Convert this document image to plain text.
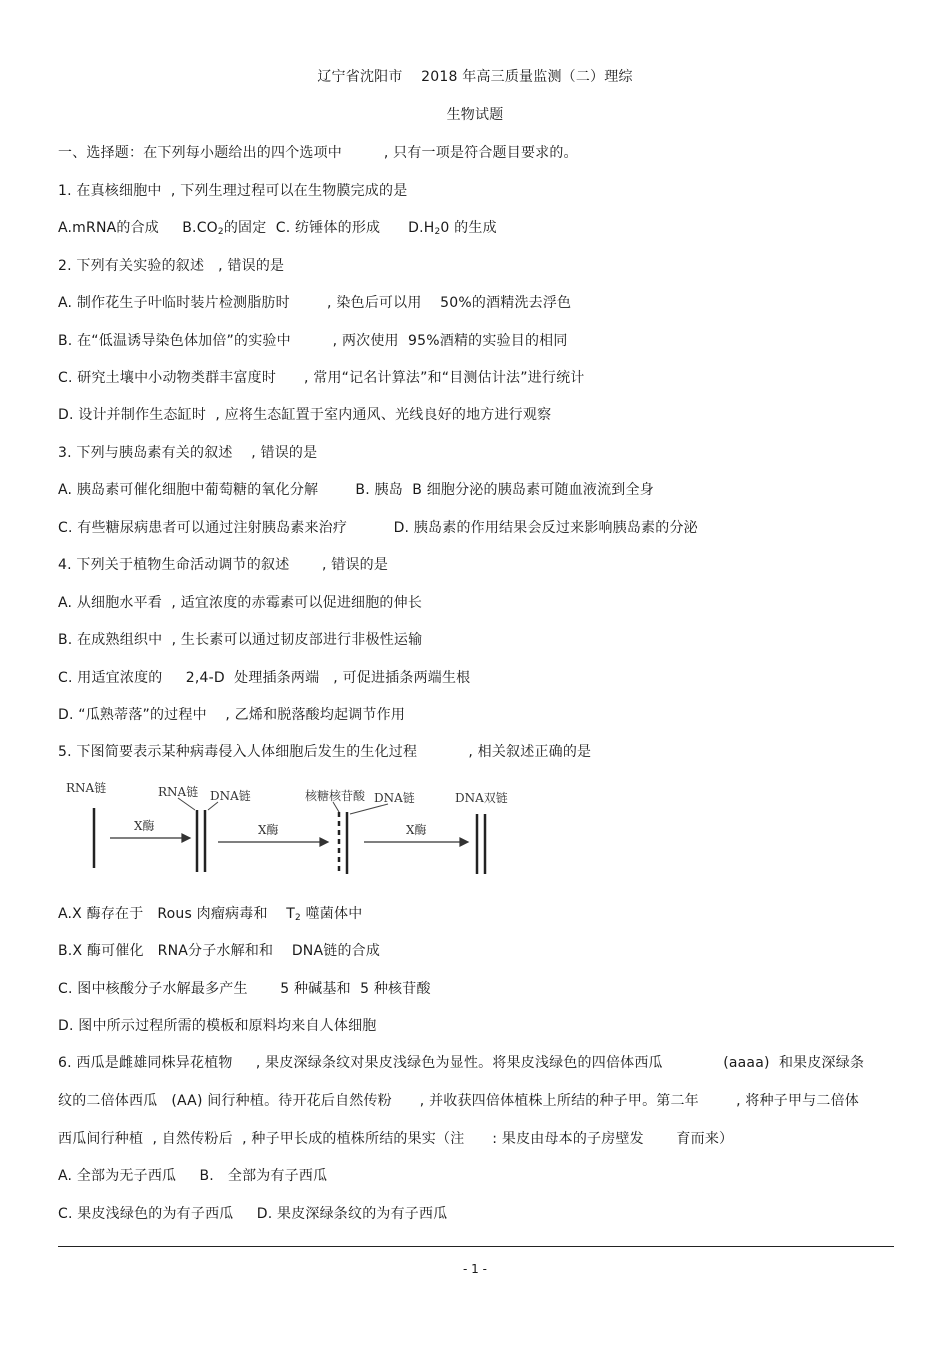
辽宁省沈阳市    2018 年高三质量监测（二）理综
生物试题
一、选择题：在下列每小题给出的四个选项中         , 只有一项是符合题目要求的。
1. 在真核细胞中  , 下列生理过程可以在生物膜完成的是
A.mRNA的合成     $B.CO_2$的固定  C. 纺锤体的形成      $D.H_20$ 的生成
2. 下列有关实验的叙述   , 错误的是
A. 制作花生子叶临时装片检测脂肪时        , 染色后可以用    50%的酒精洗去浮色
B. 在“低温诱导染色体加倍”的实验中         , 两次使用  95%酒精的实验目的相同
C. 研究土壤中小动物类群丰富度时      , 常用“记名计算法”和“目测估计法”进行统计
D. 设计并制作生态缸时  , 应将生态缸置于室内通风、光线良好的地方进行观察
3. 下列与胰岛素有关的叙述    , 错误的是
A. 胰岛素可催化细胞中葡萄糖的氧化分解        B. 胰岛  B 细胞分泌的胰岛素可随血液流到全身
C. 有些糖尿病患者可以通过注射胰岛素来治疗          D. 胰岛素的作用结果会反过来影响胰岛素的分泌
4. 下列关于植物生命活动调节的叙述       , 错误的是
A. 从细胞水平看  , 适宜浓度的赤霉素可以促进细胞的伸长
B. 在成熟组织中  , 生长素可以通过韧皮部进行非极性运输
C. 用适宜浓度的     2,4-D  处理插条两端   , 可促进插条两端生根
D. “瓜熟蒂落”的过程中    , 乙烯和脱落酸均起调节作用
5. 下图简要表示某种病毒侵入人体细胞后发生的生化过程           , 相关叙述正确的是
RNA链	RNA链 DNA链	核糖核苷酸 DNA链	DNA双链
X酶	X酶	X酶
A.X 酶存在于   Rous 肉瘤病毒和    $T_2$ 噬菌体中
B.X 酶可催化   RNA分子水解和和    DNA链的合成
C. 图中核酸分子水解最多产生       5 种碱基和  5 种核苷酸
D. 图中所示过程所需的模板和原料均来自人体细胞
6. 西瓜是雌雄同株异花植物     , 果皮深绿条纹对果皮浅绿色为显性。将果皮浅绿色的四倍体西瓜             (aaaa)  和果皮深绿条
纹的二倍体西瓜   (AA) 间行种植。待开花后自然传粉      , 并收获四倍体植株上所结的种子甲。第二年        , 将种子甲与二倍体
西瓜间行种植  , 自然传粉后  , 种子甲长成的植株所结的果实（注      : 果皮由母本的子房壁发       育而来）
A. 全部为无子西瓜     B.   全部为有子西瓜
C. 果皮浅绿色的为有子西瓜     D. 果皮深绿条纹的为有子西瓜
- 1 -
